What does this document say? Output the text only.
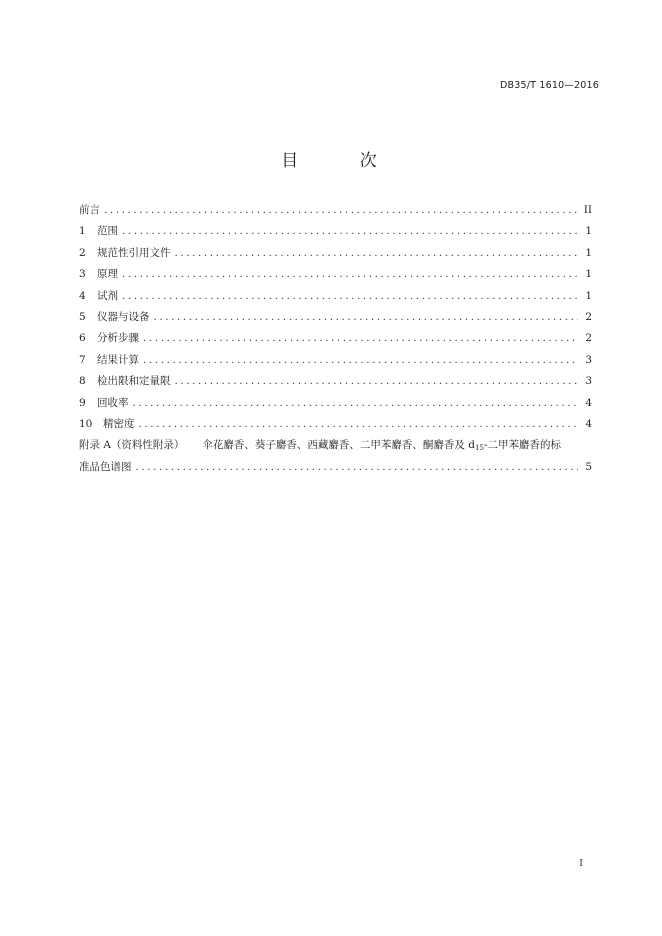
DB35/T 1610—2016
目 次
前言 . . .	II
1	范围 . . .	1
2	规范性引用文件 . . .	1
3	原理 . . .	1
4	试剂 . . .	1
5	仪器与设备 . . .	2
6	分析步骤 . . .	2
7	结果计算 . . .	3
8	检出限和定量限 . . .	3
9	回收率 . . .	4
10	精密度 . . .	4
附录 A（资料性附录） 伞花麝香、葵子麝香、西藏麝香、二甲苯麝香、酮麝香及 $d_{15}-$二甲苯麝香的标
准品色谱图 . . .	5
I
